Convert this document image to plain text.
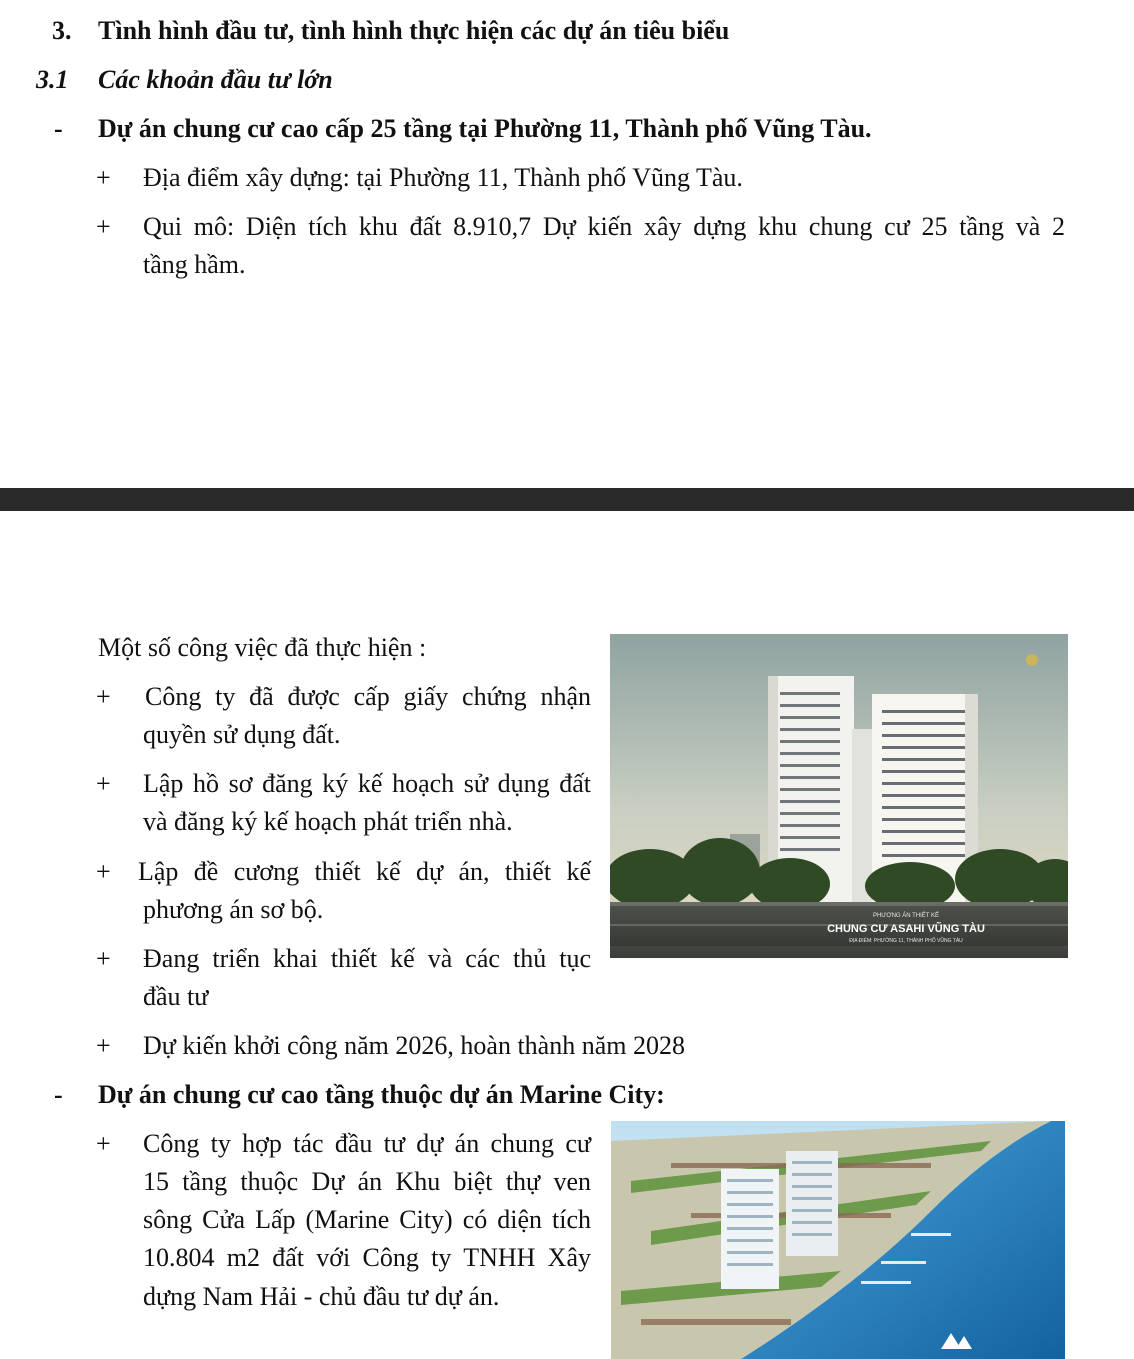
3. Tình hình đầu tư, tình hình thực hiện các dự án tiêu biểu
3.1 Các khoản đầu tư lớn
- Dự án chung cư cao cấp 25 tầng tại Phường 11, Thành phố Vũng Tàu.
+ Địa điểm xây dựng: tại Phường 11, Thành phố Vũng Tàu.
+ Qui mô: Diện tích khu đất 8.910,7 Dự kiến xây dựng khu chung cư 25 tầng và 2
tầng hầm.
Một số công việc đã thực hiện :
+ Công ty đã được cấp giấy chứng nhận
quyền sử dụng đất.
+ Lập hồ sơ đăng ký kế hoạch sử dụng đất
và đăng ký kế hoạch phát triển nhà.
+ Lập đề cương thiết kế dự án, thiết kế
phương án sơ bộ.
+ Đang triển khai thiết kế và các thủ tục
đầu tư
+ Dự kiến khởi công năm 2026, hoàn thành năm 2028
PHƯƠNG ÁN THIẾT KẾ
CHUNG CƯ ASAHI VŨNG TÀU
ĐỊA ĐIỂM: PHƯỜNG 11, THÀNH PHỐ VŨNG TÀU
- Dự án chung cư cao tầng thuộc dự án Marine City:
+ Công ty hợp tác đầu tư dự án chung cư
15 tầng thuộc Dự án Khu biệt thự ven
sông Cửa Lấp (Marine City) có diện tích
10.804 m2 đất với Công ty TNHH Xây
dựng Nam Hải - chủ đầu tư dự án.
